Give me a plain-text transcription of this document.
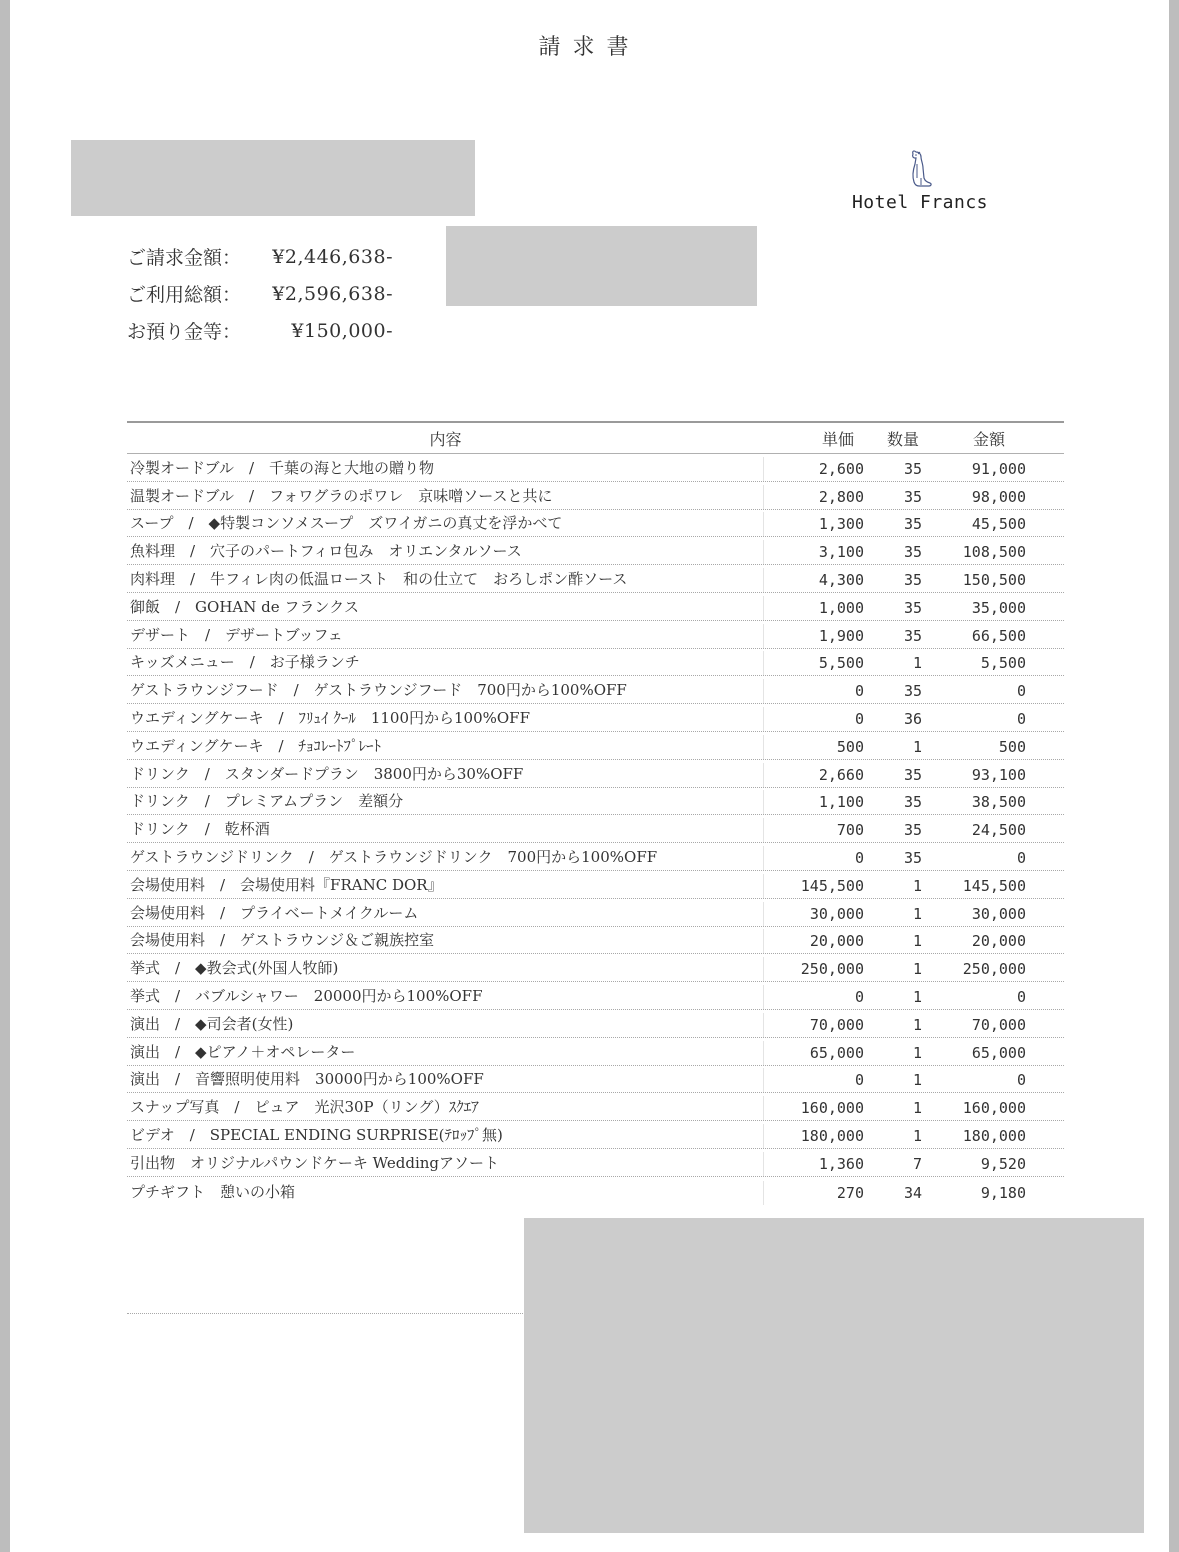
請求書
Hotel Francs
ご請求金額：	¥2,446,638-
ご利用総額：	¥2,596,638-
お預り金等：	¥150,000-
内容	単価	数量	金額
冷製オードブル　/　千葉の海と大地の贈り物	2,600	35	91,000
温製オードブル　/　フォワグラのポワレ　京味噌ソースと共に	2,800	35	98,000
スープ　/　◆特製コンソメスープ　ズワイガニの真丈を浮かべて	1,300	35	45,500
魚料理　/　穴子のパートフィロ包み　オリエンタルソース	3,100	35	108,500
肉料理　/　牛フィレ肉の低温ロースト　和の仕立て　おろしポン酢ソース	4,300	35	150,500
御飯　/　GOHAN de フランクス	1,000	35	35,000
デザート　/　デザートブッフェ	1,900	35	66,500
キッズメニュー　/　お子様ランチ	5,500	1	5,500
ゲストラウンジフード　/　ゲストラウンジフード　700円から100%OFF	0	35	0
ウエディングケーキ　/　ﾌﾘｭｲ ｸｰﾙ　1100円から100%OFF	0	36	0
ウエディングケーキ　/　ﾁｮｺﾚｰﾄﾌﾟﾚｰﾄ	500	1	500
ドリンク　/　スタンダードプラン　3800円から30%OFF	2,660	35	93,100
ドリンク　/　プレミアムプラン　差額分	1,100	35	38,500
ドリンク　/　乾杯酒	700	35	24,500
ゲストラウンジドリンク　/　ゲストラウンジドリンク　700円から100%OFF	0	35	0
会場使用料　/　会場使用料『FRANC DOR』	145,500	1	145,500
会場使用料　/　プライベートメイクルーム	30,000	1	30,000
会場使用料　/　ゲストラウンジ＆ご親族控室	20,000	1	20,000
挙式　/　◆教会式(外国人牧師)	250,000	1	250,000
挙式　/　バブルシャワー　20000円から100%OFF	0	1	0
演出　/　◆司会者(女性)	70,000	1	70,000
演出　/　◆ピアノ＋オペレーター	65,000	1	65,000
演出　/　音響照明使用料　30000円から100%OFF	0	1	0
スナップ写真　/　ピュア　光沢30P（リング）ｽｸｴｱ	160,000	1	160,000
ビデオ　/　SPECIAL ENDING SURPRISE(ﾃﾛｯﾌﾟ無)	180,000	1	180,000
引出物　オリジナルパウンドケーキ Weddingアソート	1,360	7	9,520
プチギフト　憩いの小箱	270	34	9,180
